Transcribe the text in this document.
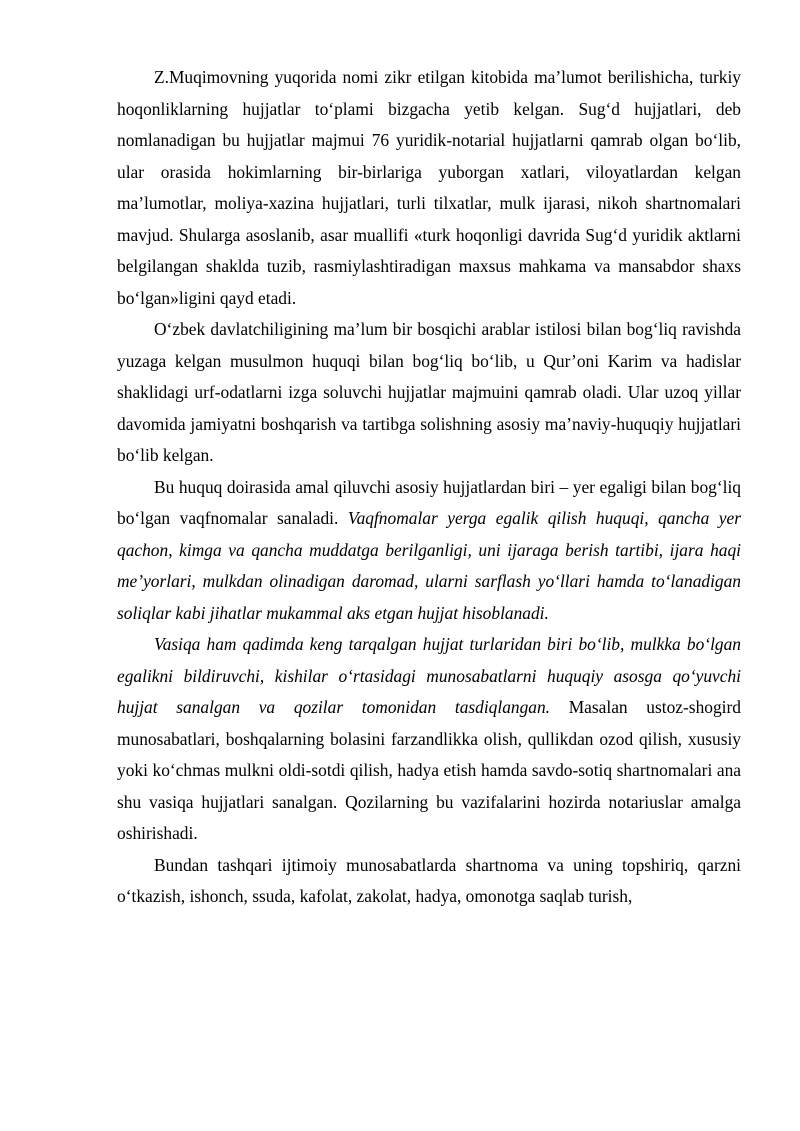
Z.Muqimovning yuqorida nomi zikr etilgan kitobida ma’lumot berilishicha, turkiy hoqonliklarning hujjatlar to‘plami bizgacha yetib kelgan. Sug‘d hujjatlari, deb nomlanadigan bu hujjatlar majmui 76 yuridik-notarial hujjatlarni qamrab olgan bo‘lib, ular orasida hokimlarning bir-birlariga yuborgan xatlari, viloyatlardan kelgan ma’lumotlar, moliya-xazina hujjatlari, turli tilxatlar, mulk ijarasi, nikoh shartnomalari mavjud. Shularga asoslanib, asar muallifi «turk hoqonligi davrida Sug‘d yuridik aktlarni belgilangan shaklda tuzib, rasmiylashtiradigan maxsus mahkama va mansabdor shaxs bo‘lgan»ligini qayd etadi.

O‘zbek davlatchiligining ma’lum bir bosqichi arablar istilosi bilan bog‘liq ravishda yuzaga kelgan musulmon huquqi bilan bog‘liq bo‘lib, u Qur’oni Karim va hadislar shaklidagi urf-odatlarni izga soluvchi hujjatlar majmuini qamrab oladi. Ular uzoq yillar davomida jamiyatni boshqarish va tartibga solishning asosiy ma’naviy-huquqiy hujjatlari bo‘lib kelgan.

Bu huquq doirasida amal qiluvchi asosiy hujjatlardan biri – yer egaligi bilan bog‘liq bo‘lgan vaqfnomalar sanaladi. Vaqfnomalar yerga egalik qilish huquqi, qancha yer qachon, kimga va qancha muddatga berilganligi, uni ijaraga berish tartibi, ijara haqi me’yorlari, mulkdan olinadigan daromad, ularni sarflash yo‘llari hamda to‘lanadigan soliqlar kabi jihatlar mukammal aks etgan hujjat hisoblanadi.

Vasiqa ham qadimda keng tarqalgan hujjat turlaridan biri bo‘lib, mulkka bo‘lgan egalikni bildiruvchi, kishilar o‘rtasidagi munosabatlarni huquqiy asosga qo‘yuvchi hujjat sanalgan va qozilar tomonidan tasdiqlangan. Masalan ustoz-shogird munosabatlari, boshqalarning bolasini farzandlikka olish, qullikdan ozod qilish, xususiy yoki ko‘chmas mulkni oldi-sotdi qilish, hadya etish hamda savdo-sotiq shartnomalari ana shu vasiqa hujjatlari sanalgan. Qozilarning bu vazifalarini hozirda notariuslar amalga oshirishadi.

Bundan tashqari ijtimoiy munosabatlarda shartnoma va uning topshiriq, qarzni o‘tkazish, ishonch, ssuda, kafolat, zakolat, hadya, omonotga saqlab turish,
